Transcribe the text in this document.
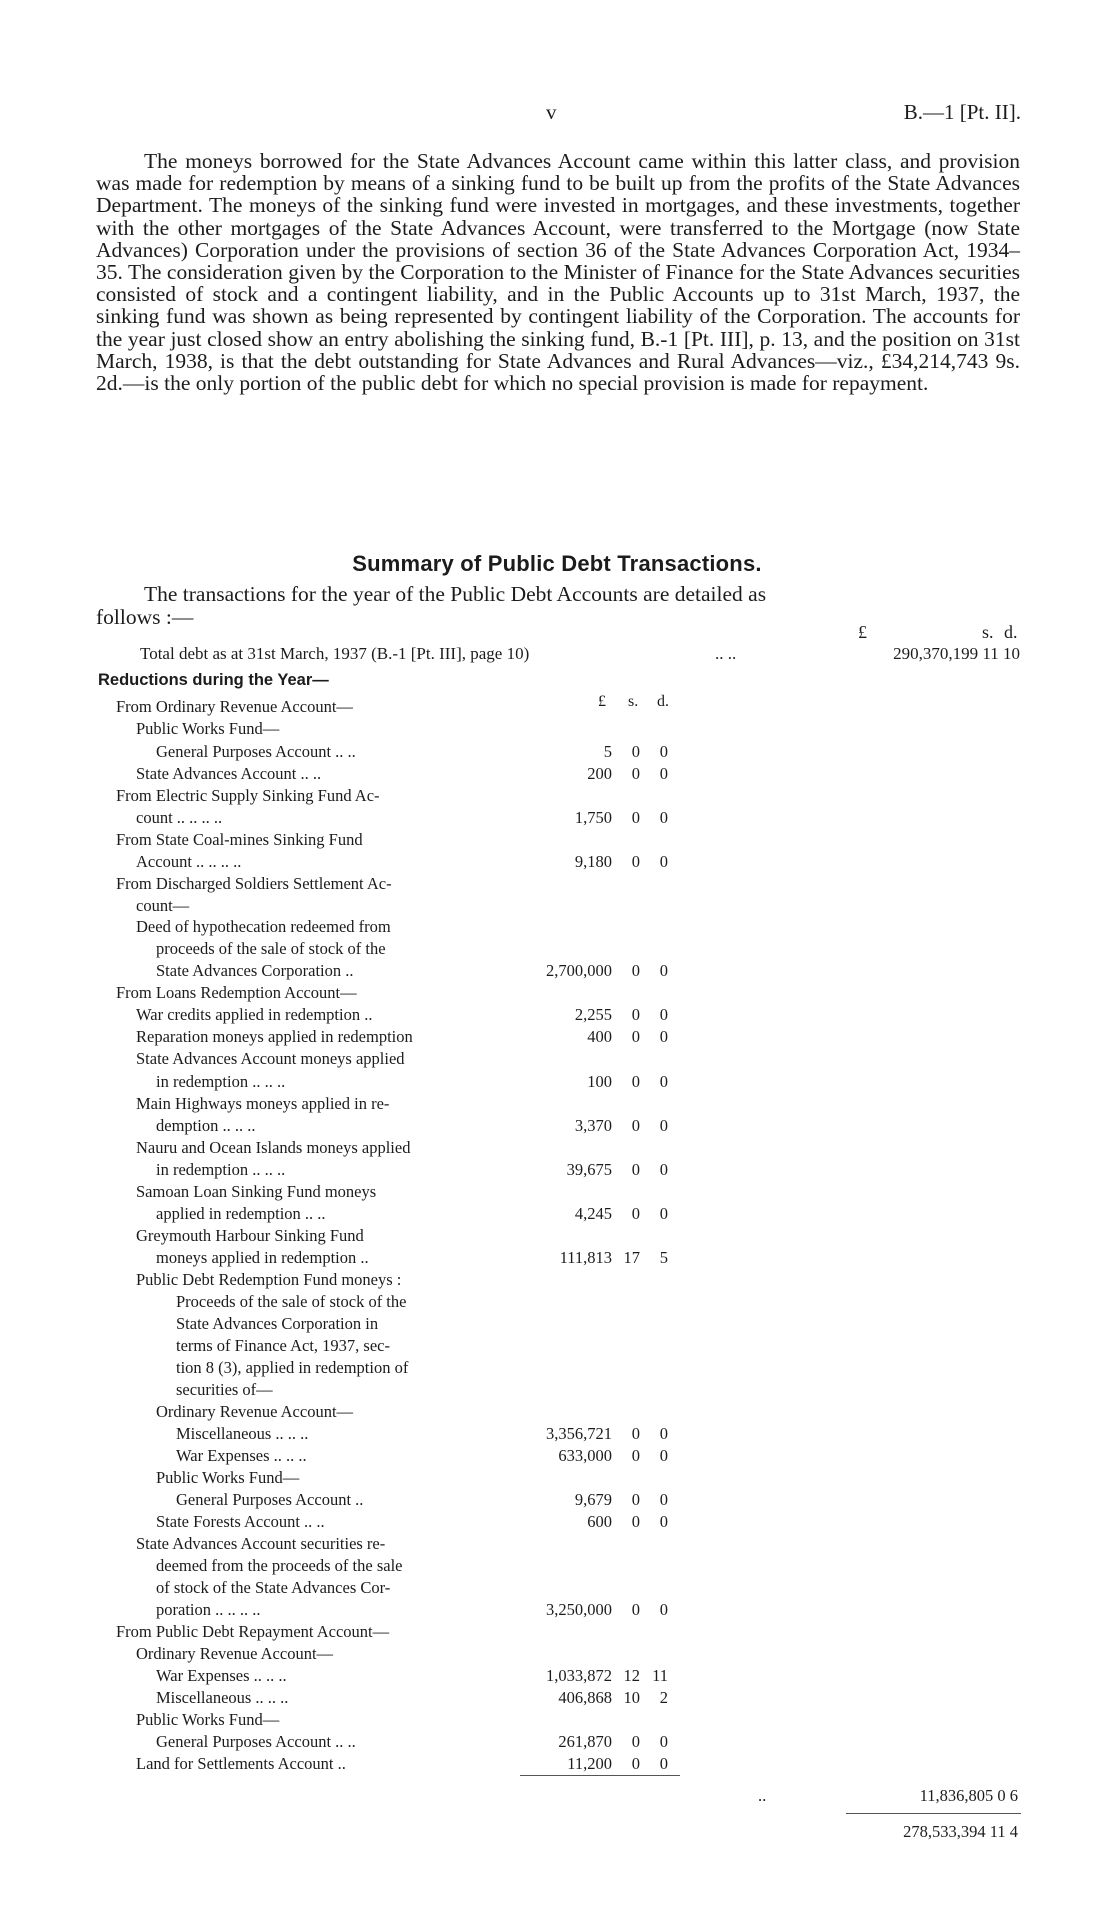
v	B.—1 [Pt. II].

The moneys borrowed for the State Advances Account came within this latter class, and provision was made for redemption by means of a sinking fund to be built up from the profits of the State Advances Department. The moneys of the sinking fund were invested in mortgages, and these investments, together with the other mortgages of the State Advances Account, were transferred to the Mortgage (now State Advances) Corporation under the provisions of section 36 of the State Advances Corporation Act, 1934–35. The consideration given by the Corporation to the Minister of Finance for the State Advances securities consisted of stock and a contingent liability, and in the Public Accounts up to 31st March, 1937, the sinking fund was shown as being represented by contingent liability of the Corporation. The accounts for the year just closed show an entry abolishing the sinking fund, B.-1 [Pt. III], p. 13, and the position on 31st March, 1938, is that the debt outstanding for State Advances and Rural Advances—viz., £34,214,743 9s. 2d.—is the only portion of the public debt for which no special provision is made for repayment.

Summary of Public Debt Transactions.

The transactions for the year of the Public Debt Accounts are detailed as

follows :—

£	s. d.
Total debt as at 31st March, 1937 (B.-1 [Pt. III], page 10)	.. ..	290,370,199 11 10
Reductions during the Year—
£ s. d.
From Ordinary Revenue Account—
Public Works Fund—
General Purposes Account .. ..	5 0 0
State Advances Account .. ..	200 0 0
From Electric Supply Sinking Fund Ac-
count .. .. .. ..	1,750 0 0
From State Coal-mines Sinking Fund
Account .. .. .. ..	9,180 0 0
From Discharged Soldiers Settlement Ac-
count—
Deed of hypothecation redeemed from
proceeds of the sale of stock of the
State Advances Corporation ..	2,700,000 0 0
From Loans Redemption Account—
War credits applied in redemption ..	2,255 0 0
Reparation moneys applied in redemption	400 0 0
State Advances Account moneys applied
in redemption .. .. ..	100 0 0
Main Highways moneys applied in re-
demption .. .. ..	3,370 0 0
Nauru and Ocean Islands moneys applied
in redemption .. .. ..	39,675 0 0
Samoan Loan Sinking Fund moneys
applied in redemption .. ..	4,245 0 0
Greymouth Harbour Sinking Fund
moneys applied in redemption ..	111,813 17 5
Public Debt Redemption Fund moneys :
Proceeds of the sale of stock of the
State Advances Corporation in
terms of Finance Act, 1937, sec-
tion 8 (3), applied in redemption of
securities of—
Ordinary Revenue Account—
Miscellaneous .. .. ..	3,356,721 0 0
War Expenses .. .. ..	633,000 0 0
Public Works Fund—
General Purposes Account ..	9,679 0 0
State Forests Account .. ..	600 0 0
State Advances Account securities re-
deemed from the proceeds of the sale
of stock of the State Advances Cor-
poration .. .. .. ..	3,250,000 0 0
From Public Debt Repayment Account—
Ordinary Revenue Account—
War Expenses .. .. ..	1,033,872 12 11
Miscellaneous .. .. ..	406,868 10 2
Public Works Fund—
General Purposes Account .. ..	261,870 0 0
Land for Settlements Account ..	11,200 0 0
..	11,836,805 0 6
278,533,394 11 4
